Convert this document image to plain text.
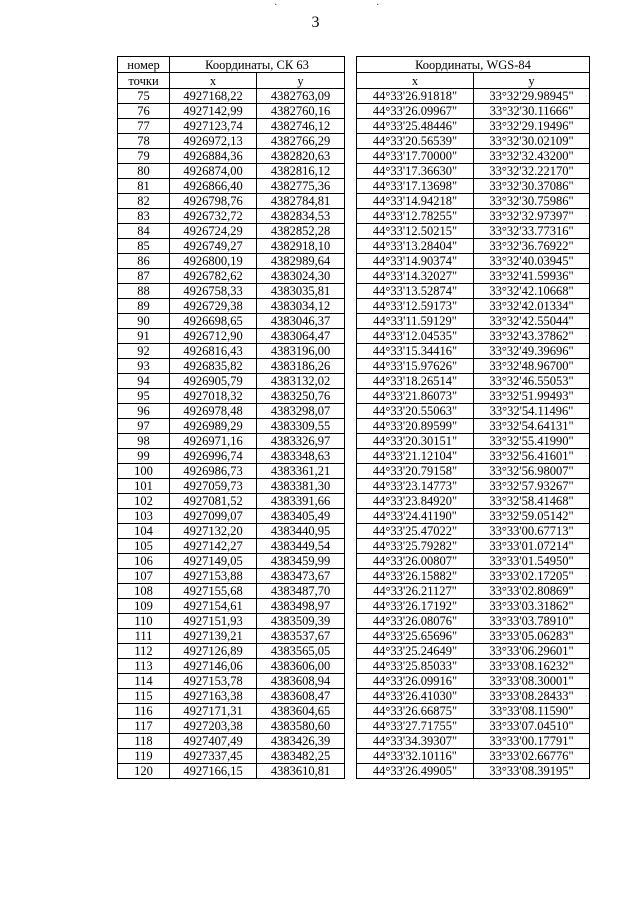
3
·	·
номер	Координаты, СК 63			Координаты, WGS-84	
точки	x	y		x	y
75	4927168,22	4382763,09		44°33'26.91818"	33°32'29.98945"
76	4927142,99	4382760,16		44°33'26.09967"	33°32'30.11666"
77	4927123,74	4382746,12		44°33'25.48446"	33°32'29.19496"
78	4926972,13	4382766,29		44°33'20.56539"	33°32'30.02109"
79	4926884,36	4382820,63		44°33'17.70000"	33°32'32.43200"
80	4926874,00	4382816,12		44°33'17.36630"	33°32'32.22170"
81	4926866,40	4382775,36		44°33'17.13698"	33°32'30.37086"
82	4926798,76	4382784,81		44°33'14.94218"	33°32'30.75986"
83	4926732,72	4382834,53		44°33'12.78255"	33°32'32.97397"
84	4926724,29	4382852,28		44°33'12.50215"	33°32'33.77316"
85	4926749,27	4382918,10		44°33'13.28404"	33°32'36.76922"
86	4926800,19	4382989,64		44°33'14.90374"	33°32'40.03945"
87	4926782,62	4383024,30		44°33'14.32027"	33°32'41.59936"
88	4926758,33	4383035,81		44°33'13.52874"	33°32'42.10668"
89	4926729,38	4383034,12		44°33'12.59173"	33°32'42.01334"
90	4926698,65	4383046,37		44°33'11.59129"	33°32'42.55044"
91	4926712,90	4383064,47		44°33'12.04535"	33°32'43.37862"
92	4926816,43	4383196,00		44°33'15.34416"	33°32'49.39696"
93	4926835,82	4383186,26		44°33'15.97626"	33°32'48.96700"
94	4926905,79	4383132,02		44°33'18.26514"	33°32'46.55053"
95	4927018,32	4383250,76		44°33'21.86073"	33°32'51.99493"
96	4926978,48	4383298,07		44°33'20.55063"	33°32'54.11496"
97	4926989,29	4383309,55		44°33'20.89599"	33°32'54.64131"
98	4926971,16	4383326,97		44°33'20.30151"	33°32'55.41990"
99	4926996,74	4383348,63		44°33'21.12104"	33°32'56.41601"
100	4926986,73	4383361,21		44°33'20.79158"	33°32'56.98007"
101	4927059,73	4383381,30		44°33'23.14773"	33°32'57.93267"
102	4927081,52	4383391,66		44°33'23.84920"	33°32'58.41468"
103	4927099,07	4383405,49		44°33'24.41190"	33°32'59.05142"
104	4927132,20	4383440,95		44°33'25.47022"	33°33'00.67713"
105	4927142,27	4383449,54		44°33'25.79282"	33°33'01.07214"
106	4927149,05	4383459,99		44°33'26.00807"	33°33'01.54950"
107	4927153,88	4383473,67		44°33'26.15882"	33°33'02.17205"
108	4927155,68	4383487,70		44°33'26.21127"	33°33'02.80869"
109	4927154,61	4383498,97		44°33'26.17192"	33°33'03.31862"
110	4927151,93	4383509,39		44°33'26.08076"	33°33'03.78910"
111	4927139,21	4383537,67		44°33'25.65696"	33°33'05.06283"
112	4927126,89	4383565,05		44°33'25.24649"	33°33'06.29601"
113	4927146,06	4383606,00		44°33'25.85033"	33°33'08.16232"
114	4927153,78	4383608,94		44°33'26.09916"	33°33'08.30001"
115	4927163,38	4383608,47		44°33'26.41030"	33°33'08.28433"
116	4927171,31	4383604,65		44°33'26.66875"	33°33'08.11590"
117	4927203,38	4383580,60		44°33'27.71755"	33°33'07.04510"
118	4927407,49	4383426,39		44°33'34.39307"	33°33'00.17791"
119	4927337,45	4383482,25		44°33'32.10116"	33°33'02.66776"
120	4927166,15	4383610,81		44°33'26.49905"	33°33'08.39195"
